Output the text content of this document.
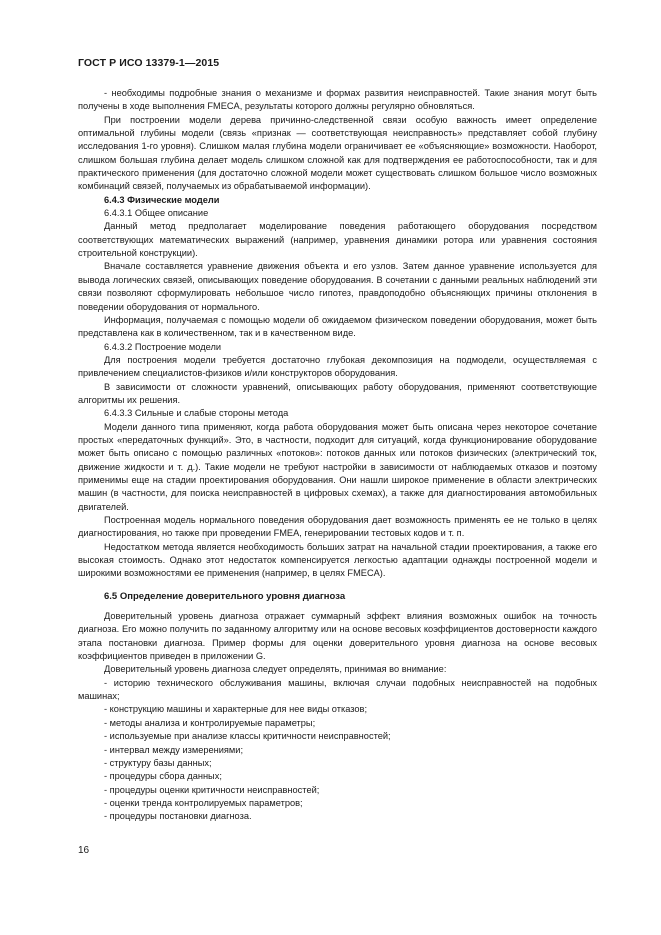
ГОСТ Р ИСО 13379-1—2015

- необходимы подробные знания о механизме и формах развития неисправностей. Такие знания могут быть получены в ходе выполнения FMECA, результаты которого должны регулярно обновляться.

При построении модели дерева причинно-следственной связи особую важность имеет определение оптимальной глубины модели (связь «признак — соответствующая неисправность» представляет собой глубину исследования 1-го уровня). Слишком малая глубина модели ограничивает ее «объясняющие» возможности. Наоборот, слишком большая глубина делает модель слишком сложной как для подтверждения ее работоспособности, так и для практического применения (для достаточно сложной модели может существовать слишком большое число возможных комбинаций связей, получаемых из обрабатываемой информации).

6.4.3 Физические модели

6.4.3.1 Общее описание

Данный метод предполагает моделирование поведения работающего оборудования посредством соответствующих математических выражений (например, уравнения динамики ротора или уравнения состояния строительной конструкции).

Вначале составляется уравнение движения объекта и его узлов. Затем данное уравнение используется для вывода логических связей, описывающих поведение оборудования. В сочетании с данными реальных наблюдений эти связи позволяют сформулировать небольшое число гипотез, правдоподобно объясняющих причины отклонения в поведении оборудования от нормального.

Информация, получаемая с помощью модели об ожидаемом физическом поведении оборудования, может быть представлена как в количественном, так и в качественном виде.

6.4.3.2 Построение модели

Для построения модели требуется достаточно глубокая декомпозиция на подмодели, осуществляемая с привлечением специалистов-физиков и/или конструкторов оборудования.

В зависимости от сложности уравнений, описывающих работу оборудования, применяют соответствующие алгоритмы их решения.

6.4.3.3 Сильные и слабые стороны метода

Модели данного типа применяют, когда работа оборудования может быть описана через некоторое сочетание простых «передаточных функций». Это, в частности, подходит для ситуаций, когда функционирование оборудование может быть описано с помощью различных «потоков»: потоков данных или потоков физических (электрический ток, движение жидкости и т. д.). Такие модели не требуют настройки в зависимости от наблюдаемых отказов и поэтому применимы еще на стадии проектирования оборудования. Они нашли широкое применение в области электрических машин (в частности, для поиска неисправностей в цифровых схемах), а также для диагностирования автомобильных двигателей.

Построенная модель нормального поведения оборудования дает возможность применять ее не только в целях диагностирования, но также при проведении FMEA, генерировании тестовых кодов и т. п.

Недостатком метода является необходимость больших затрат на начальной стадии проектирования, а также его высокая стоимость. Однако этот недостаток компенсируется легкостью адаптации однажды построенной модели и широкими возможностями ее применения (например, в целях FMECA).

6.5 Определение доверительного уровня диагноза

Доверительный уровень диагноза отражает суммарный эффект влияния возможных ошибок на точность диагноза. Его можно получить по заданному алгоритму или на основе весовых коэффициентов достоверности каждого этапа постановки диагноза. Пример формы для оценки доверительного уровня диагноза на основе весовых коэффициентов приведен в приложении G.

Доверительный уровень диагноза следует определять, принимая во внимание:

- историю технического обслуживания машины, включая случаи подобных неисправностей на подобных машинах;

- конструкцию машины и характерные для нее виды отказов;

- методы анализа и контролируемые параметры;

- используемые при анализе классы критичности неисправностей;

- интервал между измерениями;

- структуру базы данных;

- процедуры сбора данных;

- процедуры оценки критичности неисправностей;

- оценки тренда контролируемых параметров;

- процедуры постановки диагноза.

16
